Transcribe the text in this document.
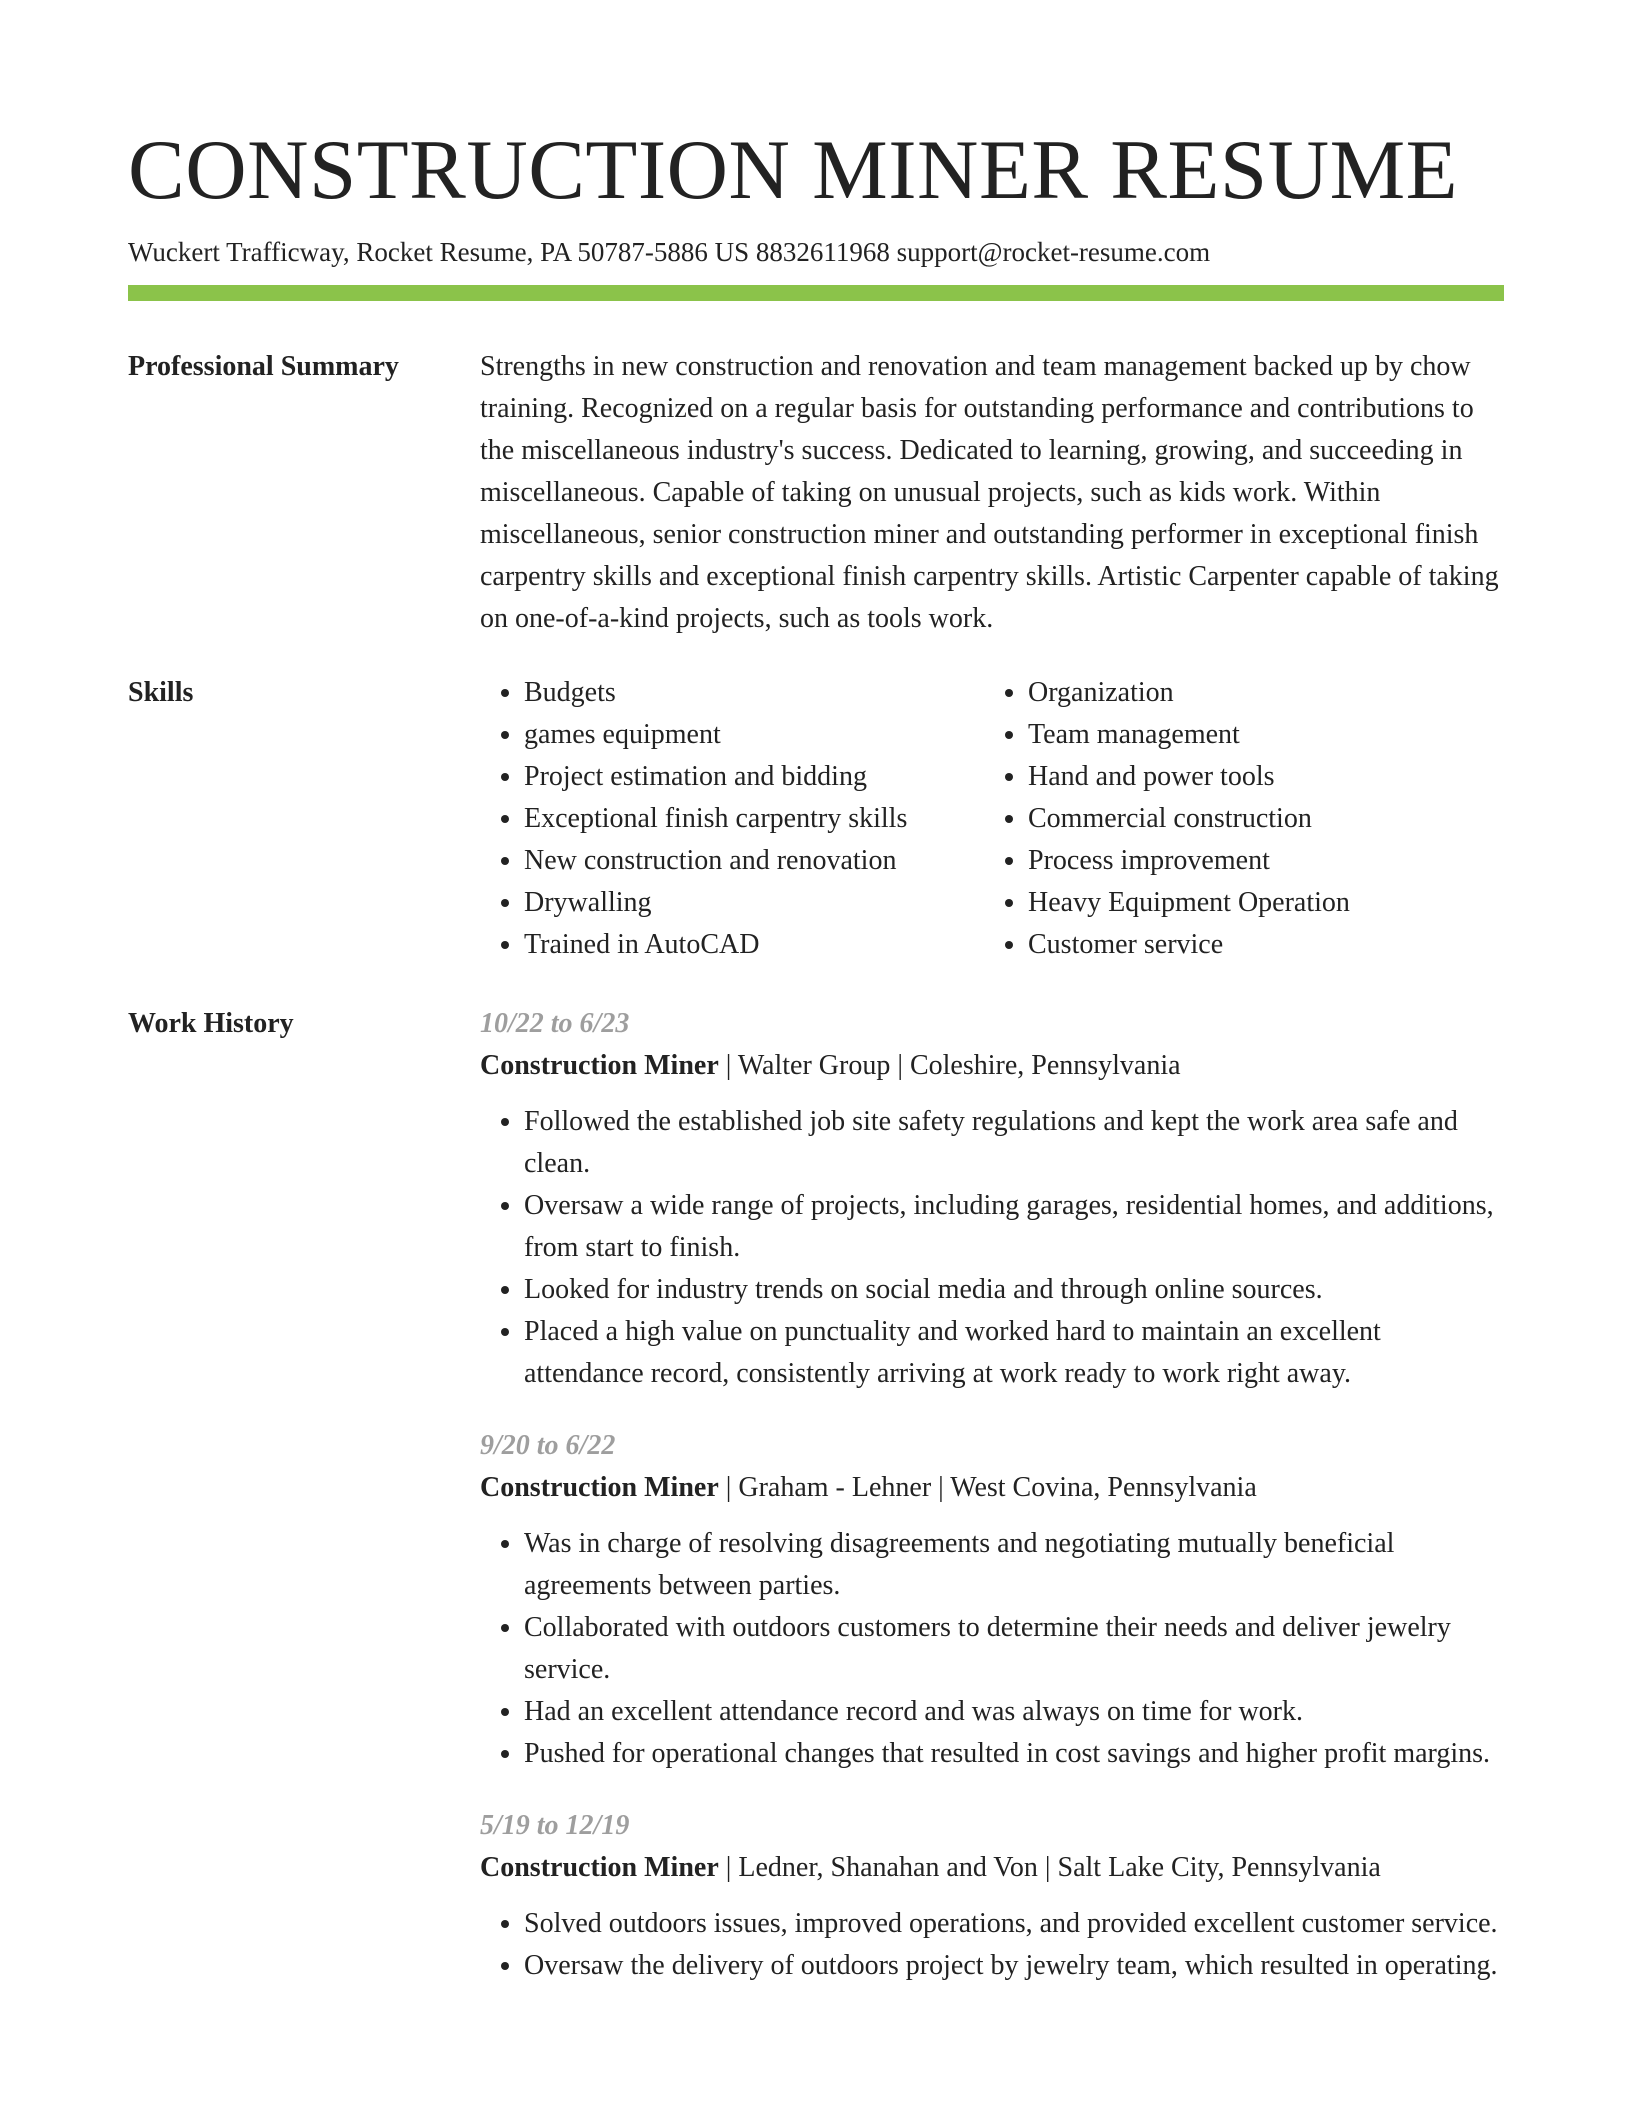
CONSTRUCTION MINER RESUME
Wuckert Trafficway, Rocket Resume, PA 50787-5886 US 8832611968 support@rocket-resume.com
Professional Summary	Strengths in new construction and renovation and team management backed up by chow training. Recognized on a regular basis for outstanding performance and contributions to the miscellaneous industry's success. Dedicated to learning, growing, and succeeding in miscellaneous. Capable of taking on unusual projects, such as kids work. Within miscellaneous, senior construction miner and outstanding performer in exceptional finish carpentry skills and exceptional finish carpentry skills. Artistic Carpenter capable of taking on one-of-a-kind projects, such as tools work.

Skills
•	Budgets
• games equipment
• Project estimation and bidding
• Exceptional finish carpentry skills
• New construction and renovation
• Drywalling
• Trained in AutoCAD
• Organization
• Team management
• Hand and power tools
• Commercial construction
• Process improvement
• Heavy Equipment Operation
• Customer service
Work History	10/22 to 6/23
Construction Miner | Walter Group | Coleshire, Pennsylvania
• Followed the established job site safety regulations and kept the work area safe and clean.
• Oversaw a wide range of projects, including garages, residential homes, and additions, from start to finish.
• Looked for industry trends on social media and through online sources.
• Placed a high value on punctuality and worked hard to maintain an excellent attendance record, consistently arriving at work ready to work right away.
9/20 to 6/22
Construction Miner | Graham - Lehner | West Covina, Pennsylvania
• Was in charge of resolving disagreements and negotiating mutually beneficial agreements between parties.
• Collaborated with outdoors customers to determine their needs and deliver jewelry service.
• Had an excellent attendance record and was always on time for work.
• Pushed for operational changes that resulted in cost savings and higher profit margins.
5/19 to 12/19
Construction Miner | Ledner, Shanahan and Von | Salt Lake City, Pennsylvania
• Solved outdoors issues, improved operations, and provided excellent customer service.
• Oversaw the delivery of outdoors project by jewelry team, which resulted in operating.
